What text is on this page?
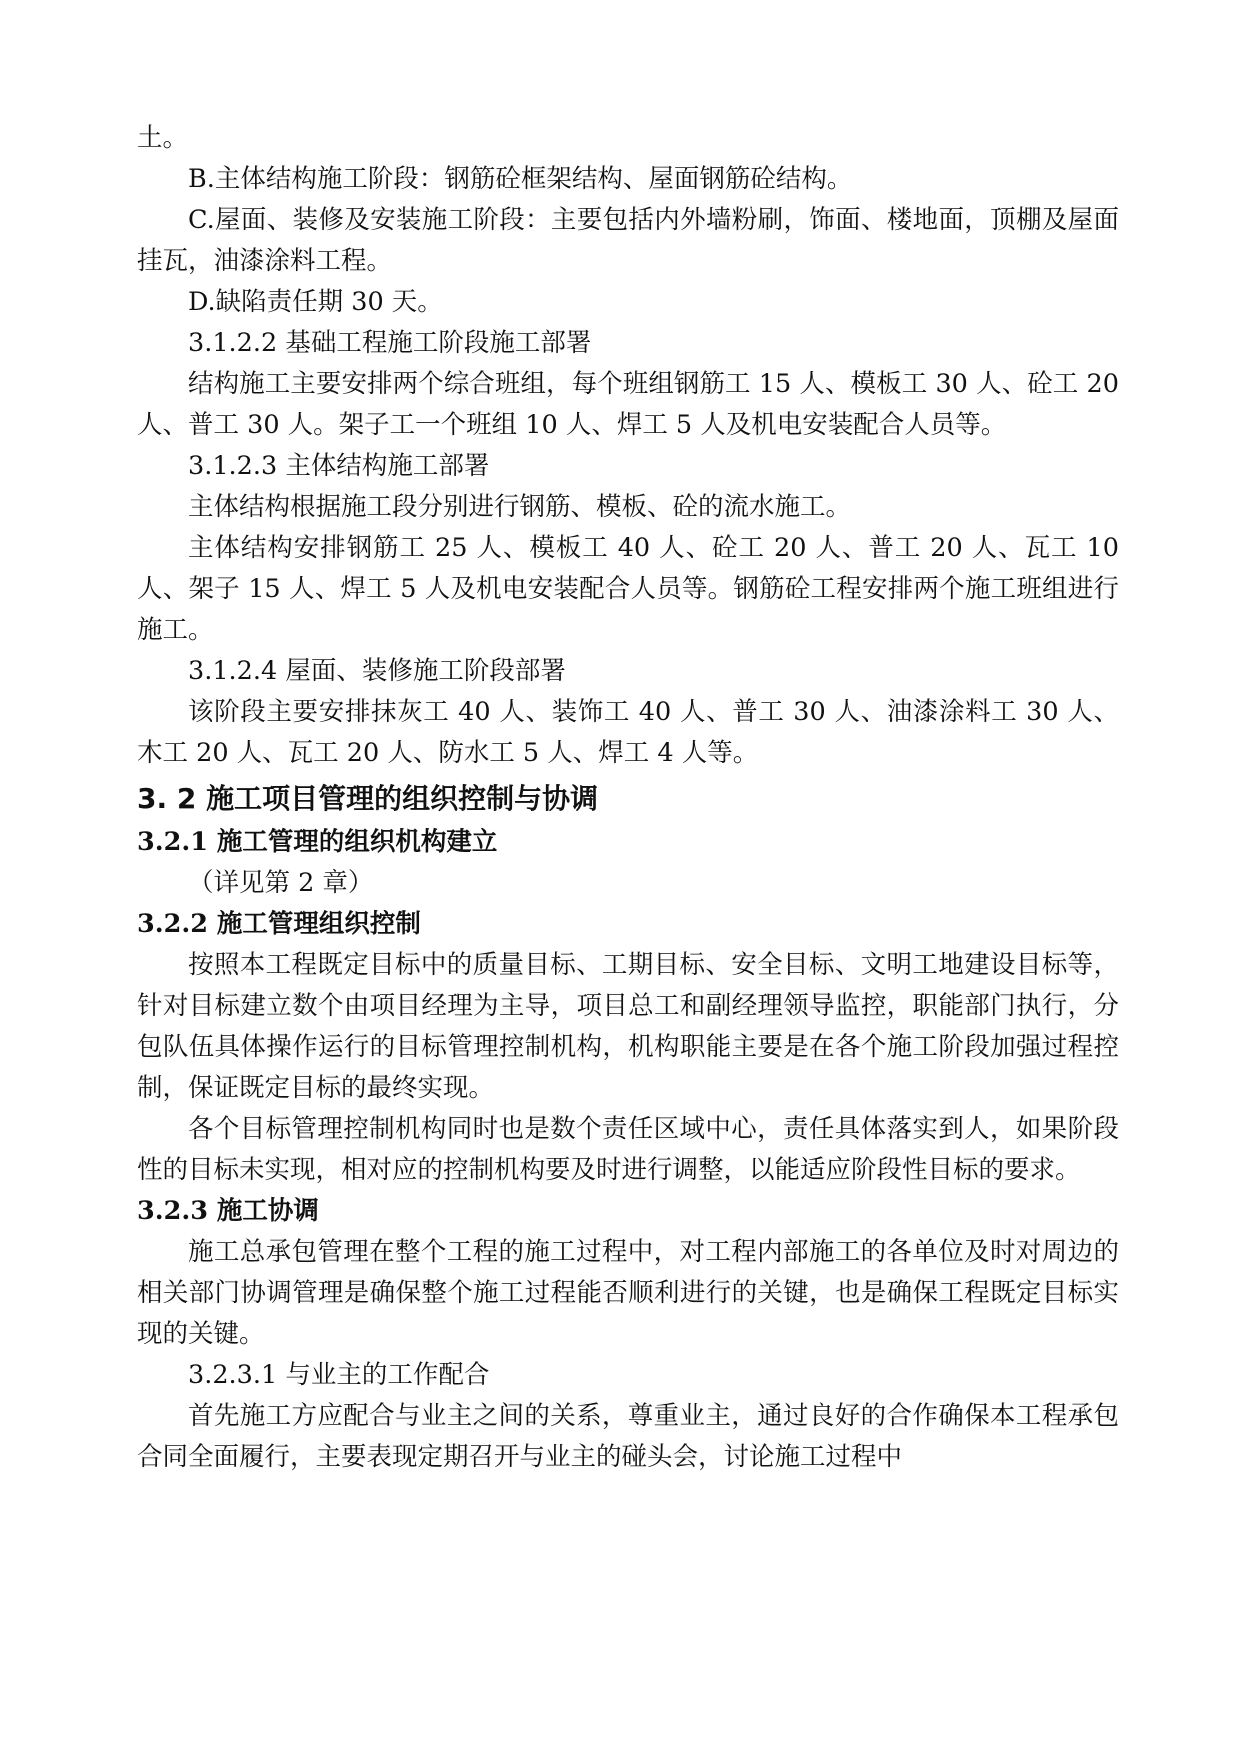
土。

B.主体结构施工阶段：钢筋砼框架结构、屋面钢筋砼结构。

C.屋面、装修及安装施工阶段：主要包括内外墙粉刷，饰面、楼地面，顶棚及屋面挂瓦，油漆涂料工程。

D.缺陷责任期 30 天。

3.1.2.2 基础工程施工阶段施工部署

结构施工主要安排两个综合班组，每个班组钢筋工 15 人、模板工 30 人、砼工 20 人、普工 30 人。架子工一个班组 10 人、焊工 5 人及机电安装配合人员等。

3.1.2.3 主体结构施工部署

主体结构根据施工段分别进行钢筋、模板、砼的流水施工。

主体结构安排钢筋工 25 人、模板工 40 人、砼工 20 人、普工 20 人、瓦工 10 人、架子 15 人、焊工 5 人及机电安装配合人员等。钢筋砼工程安排两个施工班组进行施工。

3.1.2.4 屋面、装修施工阶段部署

该阶段主要安排抹灰工 40 人、装饰工 40 人、普工 30 人、油漆涂料工 30 人、木工 20 人、瓦工 20 人、防水工 5 人、焊工 4 人等。

3. 2 施工项目管理的组织控制与协调
3.2.1 施工管理的组织机构建立

（详见第 2 章）

3.2.2 施工管理组织控制

按照本工程既定目标中的质量目标、工期目标、安全目标、文明工地建设目标等，针对目标建立数个由项目经理为主导，项目总工和副经理领导监控，职能部门执行，分包队伍具体操作运行的目标管理控制机构，机构职能主要是在各个施工阶段加强过程控制，保证既定目标的最终实现。

各个目标管理控制机构同时也是数个责任区域中心，责任具体落实到人，如果阶段性的目标未实现，相对应的控制机构要及时进行调整，以能适应阶段性目标的要求。

3.2.3 施工协调

施工总承包管理在整个工程的施工过程中，对工程内部施工的各单位及时对周边的相关部门协调管理是确保整个施工过程能否顺利进行的关键，也是确保工程既定目标实现的关键。

3.2.3.1 与业主的工作配合

首先施工方应配合与业主之间的关系，尊重业主，通过良好的合作确保本工程承包合同全面履行，主要表现定期召开与业主的碰头会，讨论施工过程中
